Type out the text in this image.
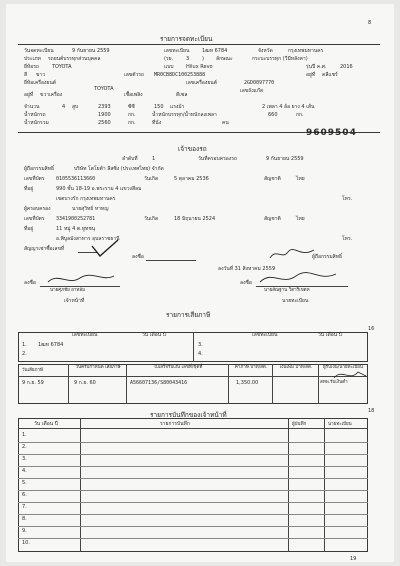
8
รายการจดทะเบียน
วันจดทะเบียน	9 กันยายน 2559	เลขทะเบียน	1ฒห 6784	จังหวัด	กรุงเทพมหานคร
ประเภท รถยนต์บรรทุกส่วนบุคคล	(รย.	3	) ลักษณะ	กระบะบรรทุก (วีมีหลังคา)
ยี่ห้อรถ	TOYOTA	แบบ Hilux Revo	รุ่นปี ค.ศ.	2016
สี ขาว	เลขตัวรถ MR0CB8DC100253888	อยู่ที่ คลีแชร์
ยี่ห้อเครื่องยนต์
TOYOTA
เลขเครื่องยนต์	2GD0097770
อยู่ที่ ขวาเครื่อง	เชื้อเพลิง	ดีเซล
เลขถังแก๊ส
จำนวน	4 สูบ	2393	ซีซี	150 แรงม้า	2 เพลา 4 ล้อ ยาง 4 เส้น
น้ำหนักรถ	1900	กก.	น้ำหนักบรรทุก/น้ำหนักลงเพลา	660	กก.
น้ำหนักรวม	2560	กก.	ที่นั่ง	คน
9609504
เจ้าของรถ
ลำดับที่	1	วันที่ครอบครองรถ	9 กันยายน 2559
ผู้ถือกรรมสิทธิ์	บริษัท โตโยต้า ลีสซิ่ง (ประเทศไทย) จำกัด
เลขที่บัตร 0105536113660	วันเกิด	5 ตุลาคม 2536	สัญชาติ	ไทย
ที่อยู่	990 ชั้น 18-19 อ.พระราม 4 แขวงสีลม
เขตบางรัก กรุงเทพมหานคร	โทร.
ผู้ครอบครอง	นายสุวิทย์ หาทญ
เลขที่บัตร 3341900252781	วันเกิด	18 มิถุนายน 2524	สัญชาติ	ไทย
ที่อยู่	11 หมู่ 4 ต.หูทชนุ
อ.พิบูลมังสาหาร อุบลราชธานี	โทร.
สัญญาเช่าซื้อเลขที่
ลงชื่อ
ลงวันที่ 31 สิงหาคม 2559
ผู้ถือกรรมสิทธิ์
ลงชื่อ
นายศุภชัย อาทลัม
เจ้าหน้าที่
ลงชื่อ
นายสัณฐาน วิดาริเขตห
นายทะเบียน
รายการเสียภาษี
เลขทะเบียน	วัน เดือน ปี	เลขทะเบียน	วัน เดือน ปี
16
1. 1ฒห 6784	3.
2.	4.
วันเสียภาษี
วันครบกำหนด เสียภาษี	ใบเสร็จรับเงิน เลขที่/ชุดที่	ค่าภาษี บาท/สต.	เงินเพิ่ม บาท/สต.	ผู้รับเงิน/นายทะเบียน
9 ก.ย. 59	9 ก.ย. 60	A56607136/S80043416	1,350.00	สทพ.รับเงินตำ
รายการบันทึกของเจ้าหน้าที่	18
วัน เดือน ปี	รายการบันทึก	ผู้บันทึก	นายทะเบียน
1.
2.
3.
4.
5.
6.
7.
8.
9.
10.
19
